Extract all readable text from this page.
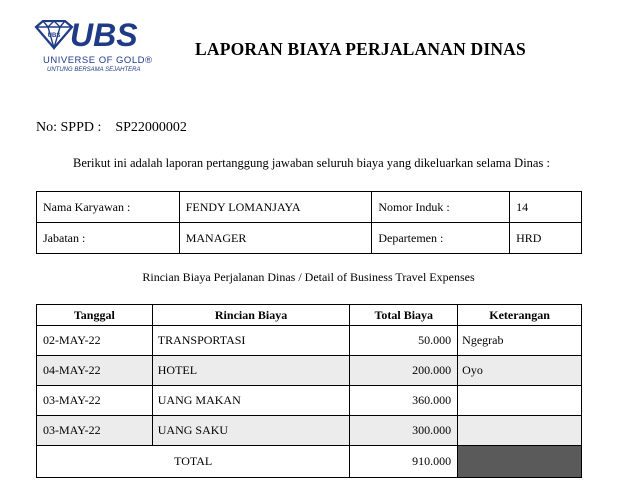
UBS UBS
UNIVERSE OF GOLD®
UNTUNG BERSAMA SEJAHTERA
LAPORAN BIAYA PERJALANAN DINAS
No: SPPD : SP22000002
Berikut ini adalah laporan pertanggung jawaban seluruh biaya yang dikeluarkan selama Dinas :
Nama Karyawan :	FENDY LOMANJAYA	Nomor Induk :	14
Jabatan :	MANAGER	Departemen :	HRD
Rincian Biaya Perjalanan Dinas / Detail of Business Travel Expenses
Tanggal	Rincian Biaya	Total Biaya	Keterangan
02-MAY-22	TRANSPORTASI	50.000	Ngegrab
04-MAY-22	HOTEL	200.000	Oyo
03-MAY-22	UANG MAKAN	360.000	
03-MAY-22	UANG SAKU	300.000	
TOTAL		910.000	
